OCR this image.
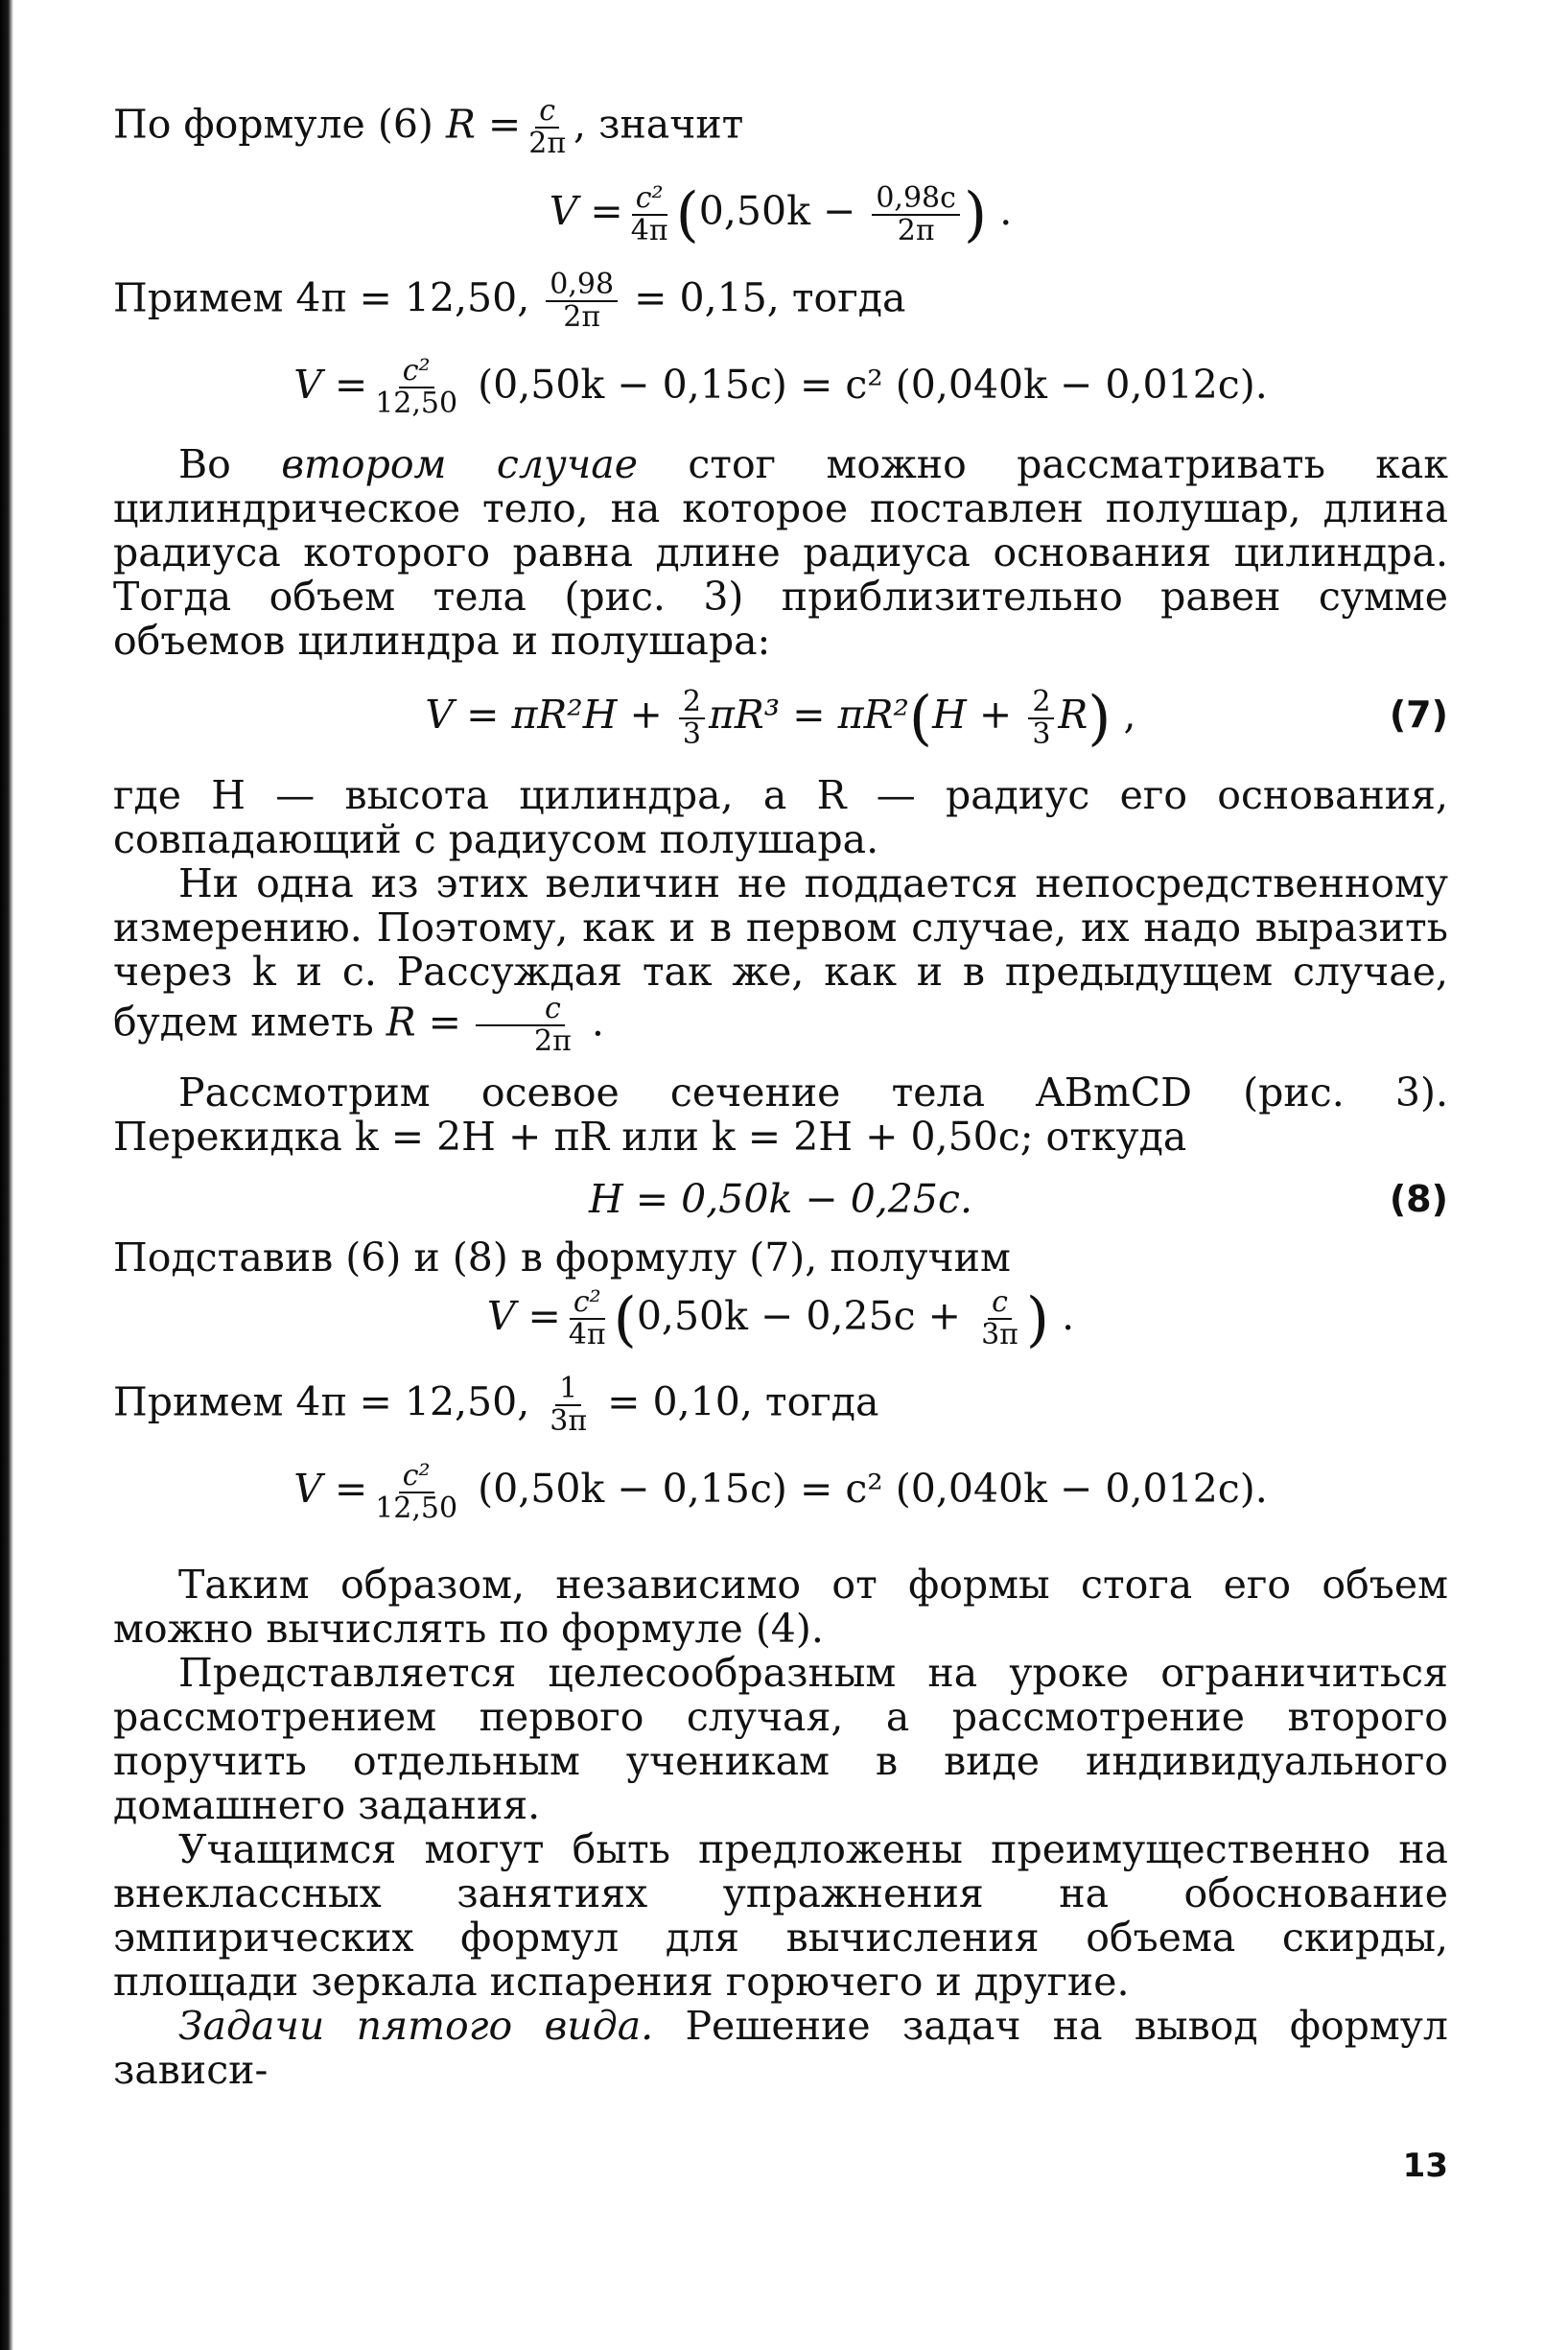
По формуле (6) $R = \frac{c}{2\pi}$ , значит

$V = \frac{\text{c²}}{4\pi} (0,50k - \frac{0,98c}{2\pi}$ ) .

Примем 4π = 12,50, $\frac{0,98}{2\pi} = 0,15$, тогда

$V = \frac{\text{c²}}{12,50} (0,50k - 0,15c) = c^2$ (0,040k − 0,012c).

Во втором случае стог можно рассматривать как цилиндрическое тело, на которое поставлен полушар, длина радиуса которого равна длине радиуса основания цилиндра. Тогда объем тела (рис. 3) приблизительно равен сумме объемов цилиндра и полушара:

$V = \pi R^2H + \frac{2}{3} \pi R^3 = \pi R^2(H + \frac{2}{3} R)$ ,	(7)

где H — высота цилиндра, а R — радиус его основания, совпадающий с радиусом полушара.

Ни одна из этих величин не поддается непосредственному измерению. Поэтому, как и в первом случае, их надо выразить через k и c. Рассуждая так же, как и в предыдущем случае, будем иметь $R = \frac{c}{2\pi}$ .

Рассмотрим осевое сечение тела ABmCD (рис. 3). Перекидка k = 2H + πR или k = 2H + 0,50c; откуда

H = 0,50k − 0,25c.	(8)

Подставив (6) и (8) в формулу (7), получим

$V = \frac{\text{c²}}{4\pi} (0,50k - 0,25c + \frac{c}{3\pi}$ ) .

Примем 4π = 12,50, $\frac{1}{3\pi} = 0,10$, тогда

$V = \frac{\text{c²}}{12,50} (0,50k - 0,15c) = c^2$ (0,040k − 0,012c).

Таким образом, независимо от формы стога его объем можно вычислять по формуле (4).

Представляется целесообразным на уроке ограничиться рассмотрением первого случая, а рассмотрение второго поручить отдельным ученикам в виде индивидуального домашнего задания.

Учащимся могут быть предложены преимущественно на внеклассных занятиях упражнения на обоснование эмпирических формул для вычисления объема скирды, площади зеркала испарения горючего и другие.

Задачи пятого вида. Решение задач на вывод формул зависи-

13
